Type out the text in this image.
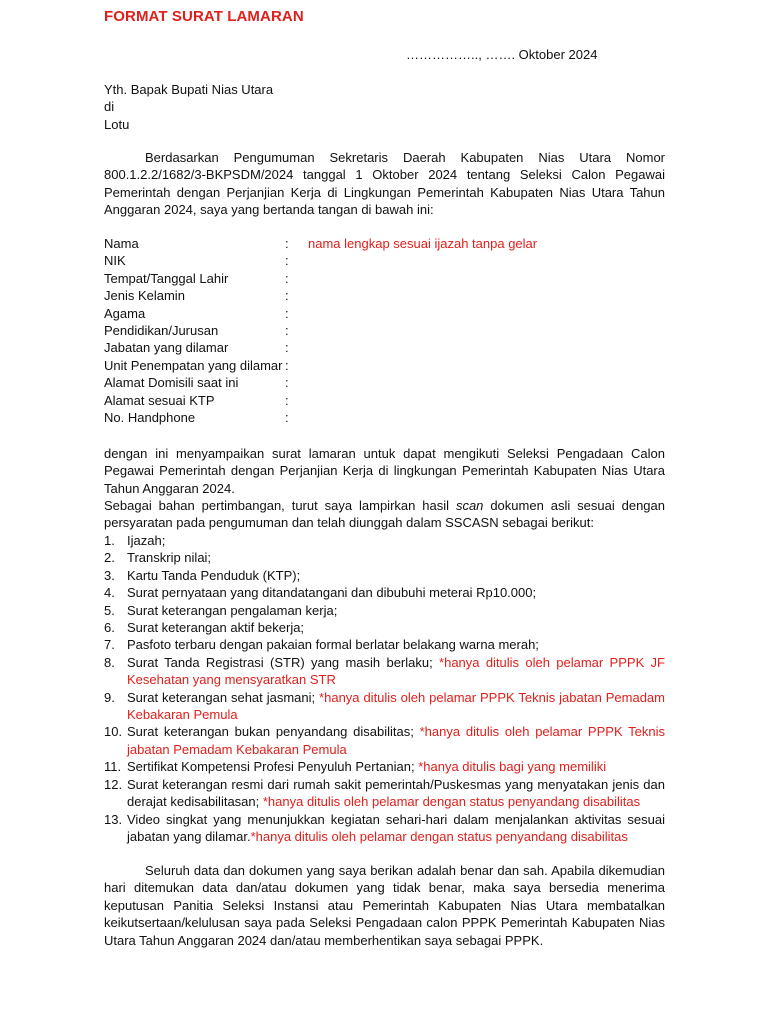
FORMAT SURAT LAMARAN
…………….., ……. Oktober 2024
Yth. Bapak Bupati Nias Utara
di
Lotu
Berdasarkan Pengumuman Sekretaris Daerah Kabupaten Nias Utara Nomor 800.1.2.2/1682/3-BKPSDM/2024 tanggal 1 Oktober 2024 tentang Seleksi Calon Pegawai Pemerintah dengan Perjanjian Kerja di Lingkungan Pemerintah Kabupaten Nias Utara Tahun Anggaran 2024, saya yang bertanda tangan di bawah ini:
Nama	: nama lengkap sesuai ijazah tanpa gelar
NIK	:
Tempat/Tanggal Lahir	:
Jenis Kelamin	:
Agama	:
Pendidikan/Jurusan	:
Jabatan yang dilamar	:
Unit Penempatan yang dilamar :
Alamat Domisili saat ini	:
Alamat sesuai KTP	:
No. Handphone	:
dengan ini menyampaikan surat lamaran untuk dapat mengikuti Seleksi Pengadaan Calon Pegawai Pemerintah dengan Perjanjian Kerja di lingkungan Pemerintah Kabupaten Nias Utara Tahun Anggaran 2024.
Sebagai bahan pertimbangan, turut saya lampirkan hasil scan dokumen asli sesuai dengan persyaratan pada pengumuman dan telah diunggah dalam SSCASN sebagai berikut:
1. Ijazah;
2. Transkrip nilai;
3. Kartu Tanda Penduduk (KTP);
4. Surat pernyataan yang ditandatangani dan dibubuhi meterai Rp10.000;
5. Surat keterangan pengalaman kerja;
6. Surat keterangan aktif bekerja;
7. Pasfoto terbaru dengan pakaian formal berlatar belakang warna merah;
8. Surat Tanda Registrasi (STR) yang masih berlaku; *hanya ditulis oleh pelamar PPPK JF Kesehatan yang mensyaratkan STR
9. Surat keterangan sehat jasmani; *hanya ditulis oleh pelamar PPPK Teknis jabatan Pemadam Kebakaran Pemula
10. Surat keterangan bukan penyandang disabilitas; *hanya ditulis oleh pelamar PPPK Teknis jabatan Pemadam Kebakaran Pemula
11. Sertifikat Kompetensi Profesi Penyuluh Pertanian; *hanya ditulis bagi yang memiliki
12. Surat keterangan resmi dari rumah sakit pemerintah/Puskesmas yang menyatakan jenis dan derajat kedisabilitasan; *hanya ditulis oleh pelamar dengan status penyandang disabilitas
13. Video singkat yang menunjukkan kegiatan sehari-hari dalam menjalankan aktivitas sesuai jabatan yang dilamar.*hanya ditulis oleh pelamar dengan status penyandang disabilitas
Seluruh data dan dokumen yang saya berikan adalah benar dan sah. Apabila dikemudian hari ditemukan data dan/atau dokumen yang tidak benar, maka saya bersedia menerima keputusan Panitia Seleksi Instansi atau Pemerintah Kabupaten Nias Utara membatalkan keikutsertaan/kelulusan saya pada Seleksi Pengadaan calon PPPK Pemerintah Kabupaten Nias Utara Tahun Anggaran 2024 dan/atau memberhentikan saya sebagai PPPK.
